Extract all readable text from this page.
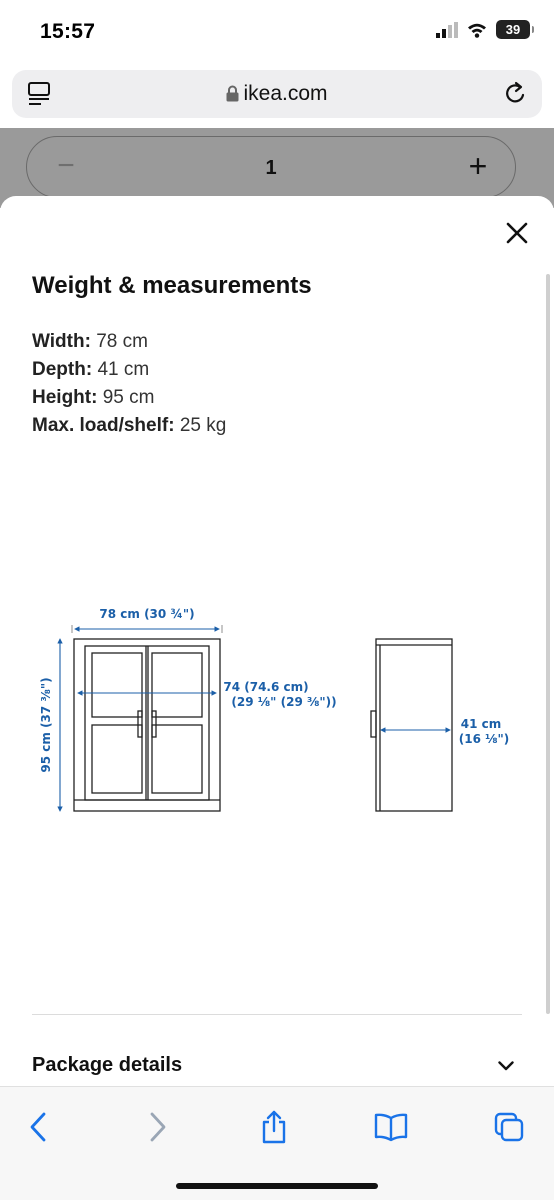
15:57	39
ikea.com
−	1	+
Weight & measurements
Width: 78 cm
Depth: 41 cm
Height: 95 cm
Max. load/shelf: 25 kg
78 cm (30 ¾")
95 cm (37 ⅜")	74 (74.6 cm)
(29 ⅛" (29 ⅜"))
41 cm
(16 ⅛")
Package details
